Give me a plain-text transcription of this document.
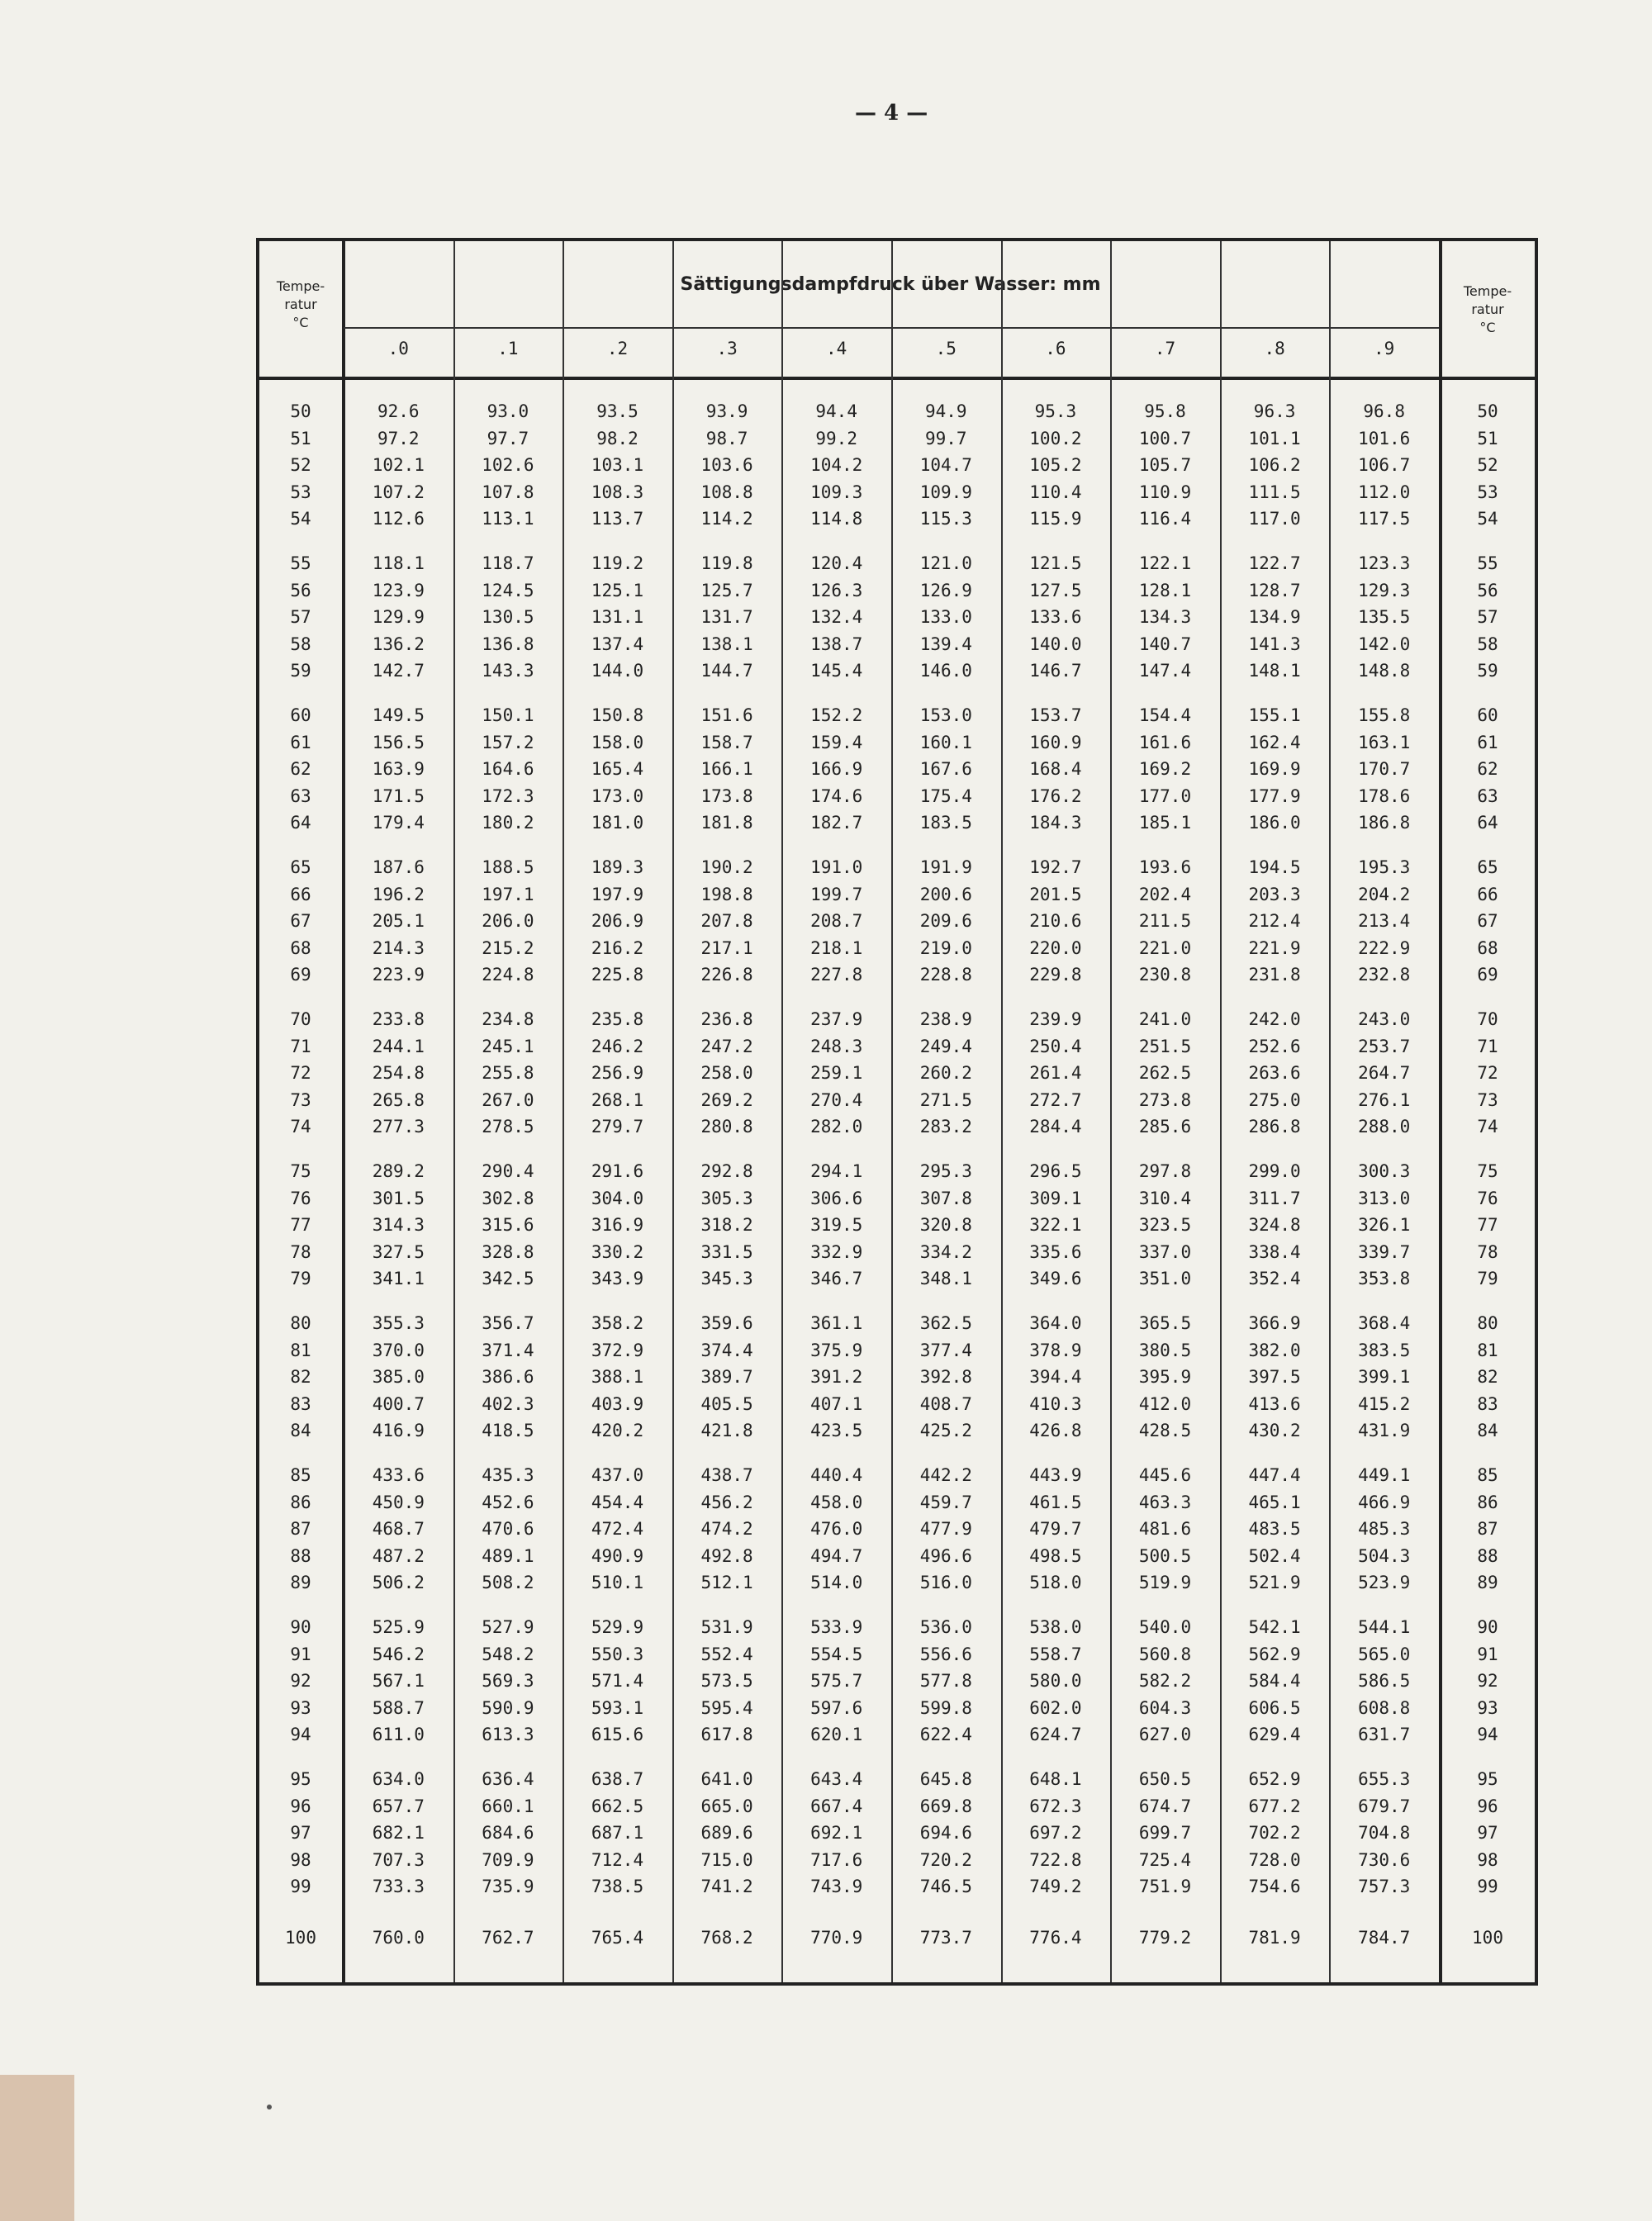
— 4 —
Tempe-
ratur
°C
Tempe-
ratur
°C
Sättigungsdampfdruck über Wasser: mm
.0	.1	.2	.3	.4	.5	.6	.7	.8	.9
50	92.6	93.0	93.5	93.9	94.4	94.9	95.3	95.8	96.3	96.8	50
51	97.2	97.7	98.2	98.7	99.2	99.7	100.2	100.7	101.1	101.6	51
52	102.1	102.6	103.1	103.6	104.2	104.7	105.2	105.7	106.2	106.7	52
53	107.2	107.8	108.3	108.8	109.3	109.9	110.4	110.9	111.5	112.0	53
54	112.6	113.1	113.7	114.2	114.8	115.3	115.9	116.4	117.0	117.5	54
55	118.1	118.7	119.2	119.8	120.4	121.0	121.5	122.1	122.7	123.3	55
56	123.9	124.5	125.1	125.7	126.3	126.9	127.5	128.1	128.7	129.3	56
57	129.9	130.5	131.1	131.7	132.4	133.0	133.6	134.3	134.9	135.5	57
58	136.2	136.8	137.4	138.1	138.7	139.4	140.0	140.7	141.3	142.0	58
59	142.7	143.3	144.0	144.7	145.4	146.0	146.7	147.4	148.1	148.8	59
60	149.5	150.1	150.8	151.6	152.2	153.0	153.7	154.4	155.1	155.8	60
61	156.5	157.2	158.0	158.7	159.4	160.1	160.9	161.6	162.4	163.1	61
62	163.9	164.6	165.4	166.1	166.9	167.6	168.4	169.2	169.9	170.7	62
63	171.5	172.3	173.0	173.8	174.6	175.4	176.2	177.0	177.9	178.6	63
64	179.4	180.2	181.0	181.8	182.7	183.5	184.3	185.1	186.0	186.8	64
65	187.6	188.5	189.3	190.2	191.0	191.9	192.7	193.6	194.5	195.3	65
66	196.2	197.1	197.9	198.8	199.7	200.6	201.5	202.4	203.3	204.2	66
67	205.1	206.0	206.9	207.8	208.7	209.6	210.6	211.5	212.4	213.4	67
68	214.3	215.2	216.2	217.1	218.1	219.0	220.0	221.0	221.9	222.9	68
69	223.9	224.8	225.8	226.8	227.8	228.8	229.8	230.8	231.8	232.8	69
70	233.8	234.8	235.8	236.8	237.9	238.9	239.9	241.0	242.0	243.0	70
71	244.1	245.1	246.2	247.2	248.3	249.4	250.4	251.5	252.6	253.7	71
72	254.8	255.8	256.9	258.0	259.1	260.2	261.4	262.5	263.6	264.7	72
73	265.8	267.0	268.1	269.2	270.4	271.5	272.7	273.8	275.0	276.1	73
74	277.3	278.5	279.7	280.8	282.0	283.2	284.4	285.6	286.8	288.0	74
75	289.2	290.4	291.6	292.8	294.1	295.3	296.5	297.8	299.0	300.3	75
76	301.5	302.8	304.0	305.3	306.6	307.8	309.1	310.4	311.7	313.0	76
77	314.3	315.6	316.9	318.2	319.5	320.8	322.1	323.5	324.8	326.1	77
78	327.5	328.8	330.2	331.5	332.9	334.2	335.6	337.0	338.4	339.7	78
79	341.1	342.5	343.9	345.3	346.7	348.1	349.6	351.0	352.4	353.8	79
80	355.3	356.7	358.2	359.6	361.1	362.5	364.0	365.5	366.9	368.4	80
81	370.0	371.4	372.9	374.4	375.9	377.4	378.9	380.5	382.0	383.5	81
82	385.0	386.6	388.1	389.7	391.2	392.8	394.4	395.9	397.5	399.1	82
83	400.7	402.3	403.9	405.5	407.1	408.7	410.3	412.0	413.6	415.2	83
84	416.9	418.5	420.2	421.8	423.5	425.2	426.8	428.5	430.2	431.9	84
85	433.6	435.3	437.0	438.7	440.4	442.2	443.9	445.6	447.4	449.1	85
86	450.9	452.6	454.4	456.2	458.0	459.7	461.5	463.3	465.1	466.9	86
87	468.7	470.6	472.4	474.2	476.0	477.9	479.7	481.6	483.5	485.3	87
88	487.2	489.1	490.9	492.8	494.7	496.6	498.5	500.5	502.4	504.3	88
89	506.2	508.2	510.1	512.1	514.0	516.0	518.0	519.9	521.9	523.9	89
90	525.9	527.9	529.9	531.9	533.9	536.0	538.0	540.0	542.1	544.1	90
91	546.2	548.2	550.3	552.4	554.5	556.6	558.7	560.8	562.9	565.0	91
92	567.1	569.3	571.4	573.5	575.7	577.8	580.0	582.2	584.4	586.5	92
93	588.7	590.9	593.1	595.4	597.6	599.8	602.0	604.3	606.5	608.8	93
94	611.0	613.3	615.6	617.8	620.1	622.4	624.7	627.0	629.4	631.7	94
95	634.0	636.4	638.7	641.0	643.4	645.8	648.1	650.5	652.9	655.3	95
96	657.7	660.1	662.5	665.0	667.4	669.8	672.3	674.7	677.2	679.7	96
97	682.1	684.6	687.1	689.6	692.1	694.6	697.2	699.7	702.2	704.8	97
98	707.3	709.9	712.4	715.0	717.6	720.2	722.8	725.4	728.0	730.6	98
99	733.3	735.9	738.5	741.2	743.9	746.5	749.2	751.9	754.6	757.3	99
100	760.0	762.7	765.4	768.2	770.9	773.7	776.4	779.2	781.9	784.7	100
